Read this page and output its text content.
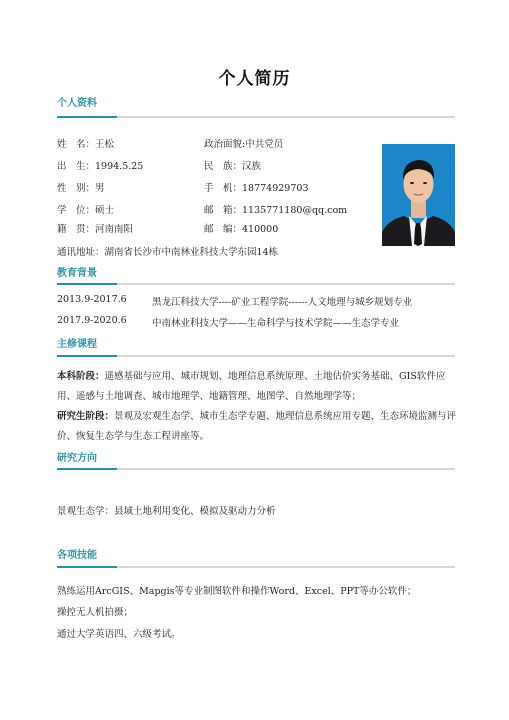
个人简历
个人资料
姓　名：王松	政治面貌:中共党员
出　生：1994.5.25	民　族：汉族
性　别：男	手　机：18774929703
学　位：硕士	邮　箱：1135771180@qq.com
籍　贯：河南南阳	邮　编：410000
通讯地址：湖南省长沙市中南林业科技大学东园14栋
教育背景
2013.9-2017.6	黑龙江科技大学----矿业工程学院------人文地理与城乡规划专业
2017.9-2020.6	中南林业科技大学——生命科学与技术学院——生态学专业
主修课程
本科阶段：遥感基础与应用、城市规划、地理信息系统原理、土地估价实务基础、GIS软件应用、遥感与土地调查、城市地理学、地籍管理、地图学、自然地理学等；
研究生阶段：景观及宏观生态学、城市生态学专题、地理信息系统应用专题、生态环境监测与评价、恢复生态学与生态工程讲座等。
研究方向
景观生态学：县域土地利用变化、模拟及驱动力分析
各项技能
熟练运用ArcGIS、Mapgis等专业制图软件和操作Word、Excel、PPT等办公软件；
操控无人机拍摄；
通过大学英语四、六级考试。
